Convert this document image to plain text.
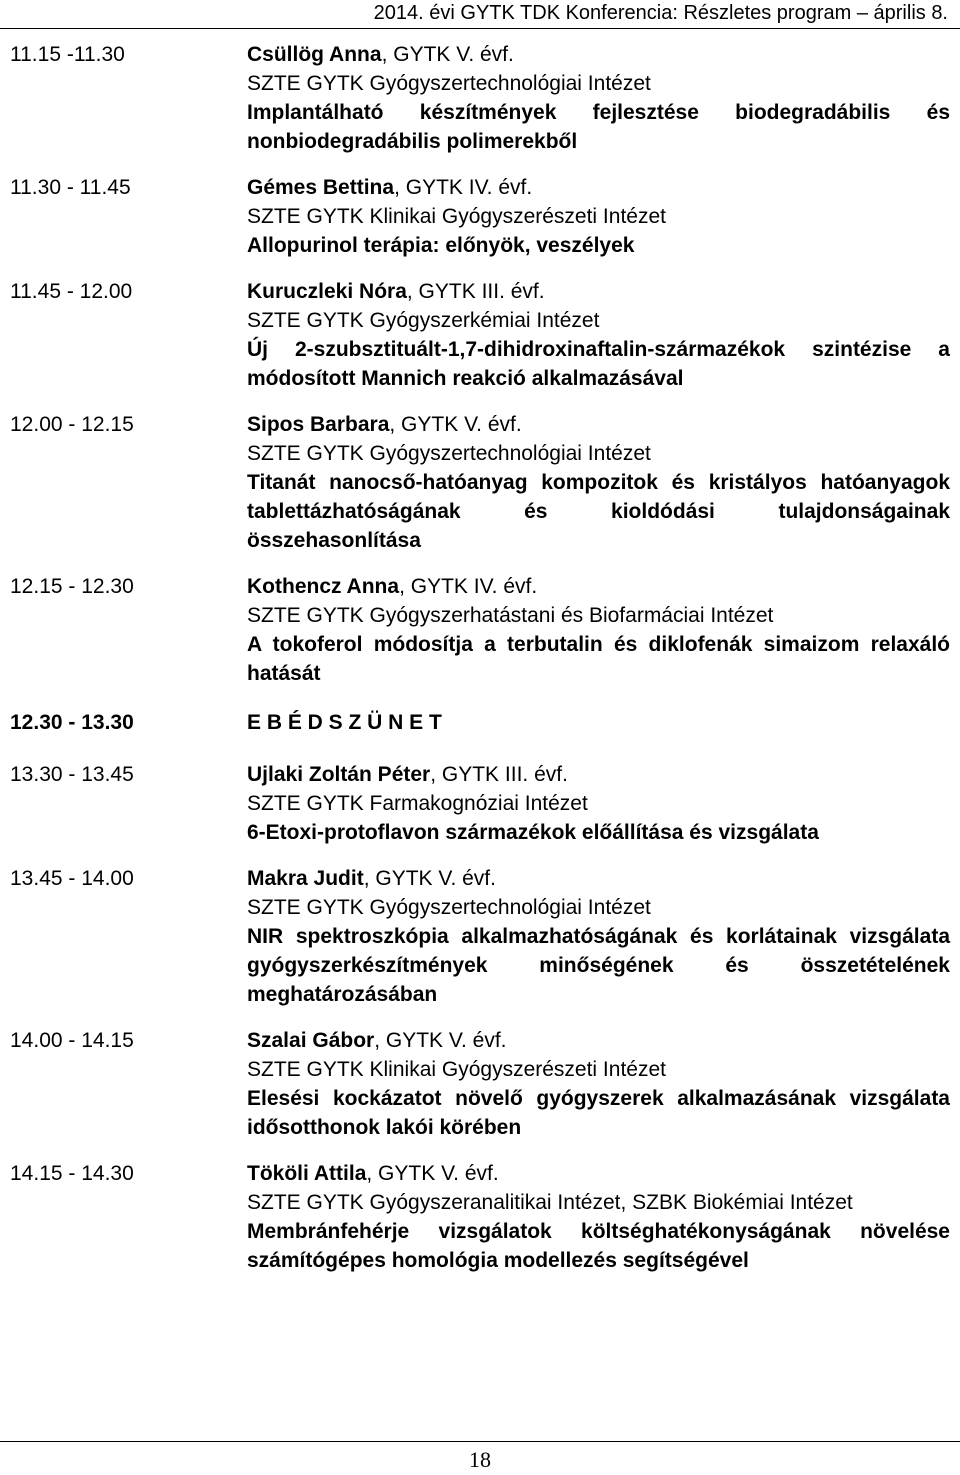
2014. évi GYTK TDK Konferencia: Részletes program – április 8.
11.15 -11.30	Csüllög Anna, GYTK V. évf.
SZTE GYTK Gyógyszertechnológiai Intézet
Implantálható készítmények fejlesztése biodegradábilis és nonbiodegradábilis polimerekből
11.30 - 11.45	Gémes Bettina, GYTK IV. évf.
SZTE GYTK Klinikai Gyógyszerészeti Intézet
Allopurinol terápia: előnyök, veszélyek
11.45 - 12.00	Kuruczleki Nóra, GYTK III. évf.
SZTE GYTK Gyógyszerkémiai Intézet
Új 2-szubsztituált-1,7-dihidroxinaftalin-származékok szintézise a módosított Mannich reakció alkalmazásával
12.00 - 12.15	Sipos Barbara, GYTK V. évf.
SZTE GYTK Gyógyszertechnológiai Intézet
Titanát nanocső-hatóanyag kompozitok és kristályos hatóanyagok tablettázhatóságának és kioldódási tulajdonságainak összehasonlítása
12.15 - 12.30	Kothencz Anna, GYTK IV. évf.
SZTE GYTK Gyógyszerhatástani és Biofarmáciai Intézet
A tokoferol módosítja a terbutalin és diklofenák simaizom relaxáló hatását
12.30 - 13.30	E B É D S Z Ü N E T
13.30 - 13.45	Ujlaki Zoltán Péter, GYTK III. évf.
SZTE GYTK Farmakognóziai Intézet
6-Etoxi-protoflavon származékok előállítása és vizsgálata
13.45 - 14.00	Makra Judit, GYTK V. évf.
SZTE GYTK Gyógyszertechnológiai Intézet
NIR spektroszkópia alkalmazhatóságának és korlátainak vizsgálata gyógyszerkészítmények minőségének és összetételének meghatározásában
14.00 - 14.15	Szalai Gábor, GYTK V. évf.
SZTE GYTK Klinikai Gyógyszerészeti Intézet
Elesési kockázatot növelő gyógyszerek alkalmazásának vizsgálata idősotthonok lakói körében
14.15 - 14.30	Tököli Attila, GYTK V. évf.
SZTE GYTK Gyógyszeranalitikai Intézet, SZBK Biokémiai Intézet
Membránfehérje vizsgálatok költséghatékonyságának növelése számítógépes homológia modellezés segítségével
18
